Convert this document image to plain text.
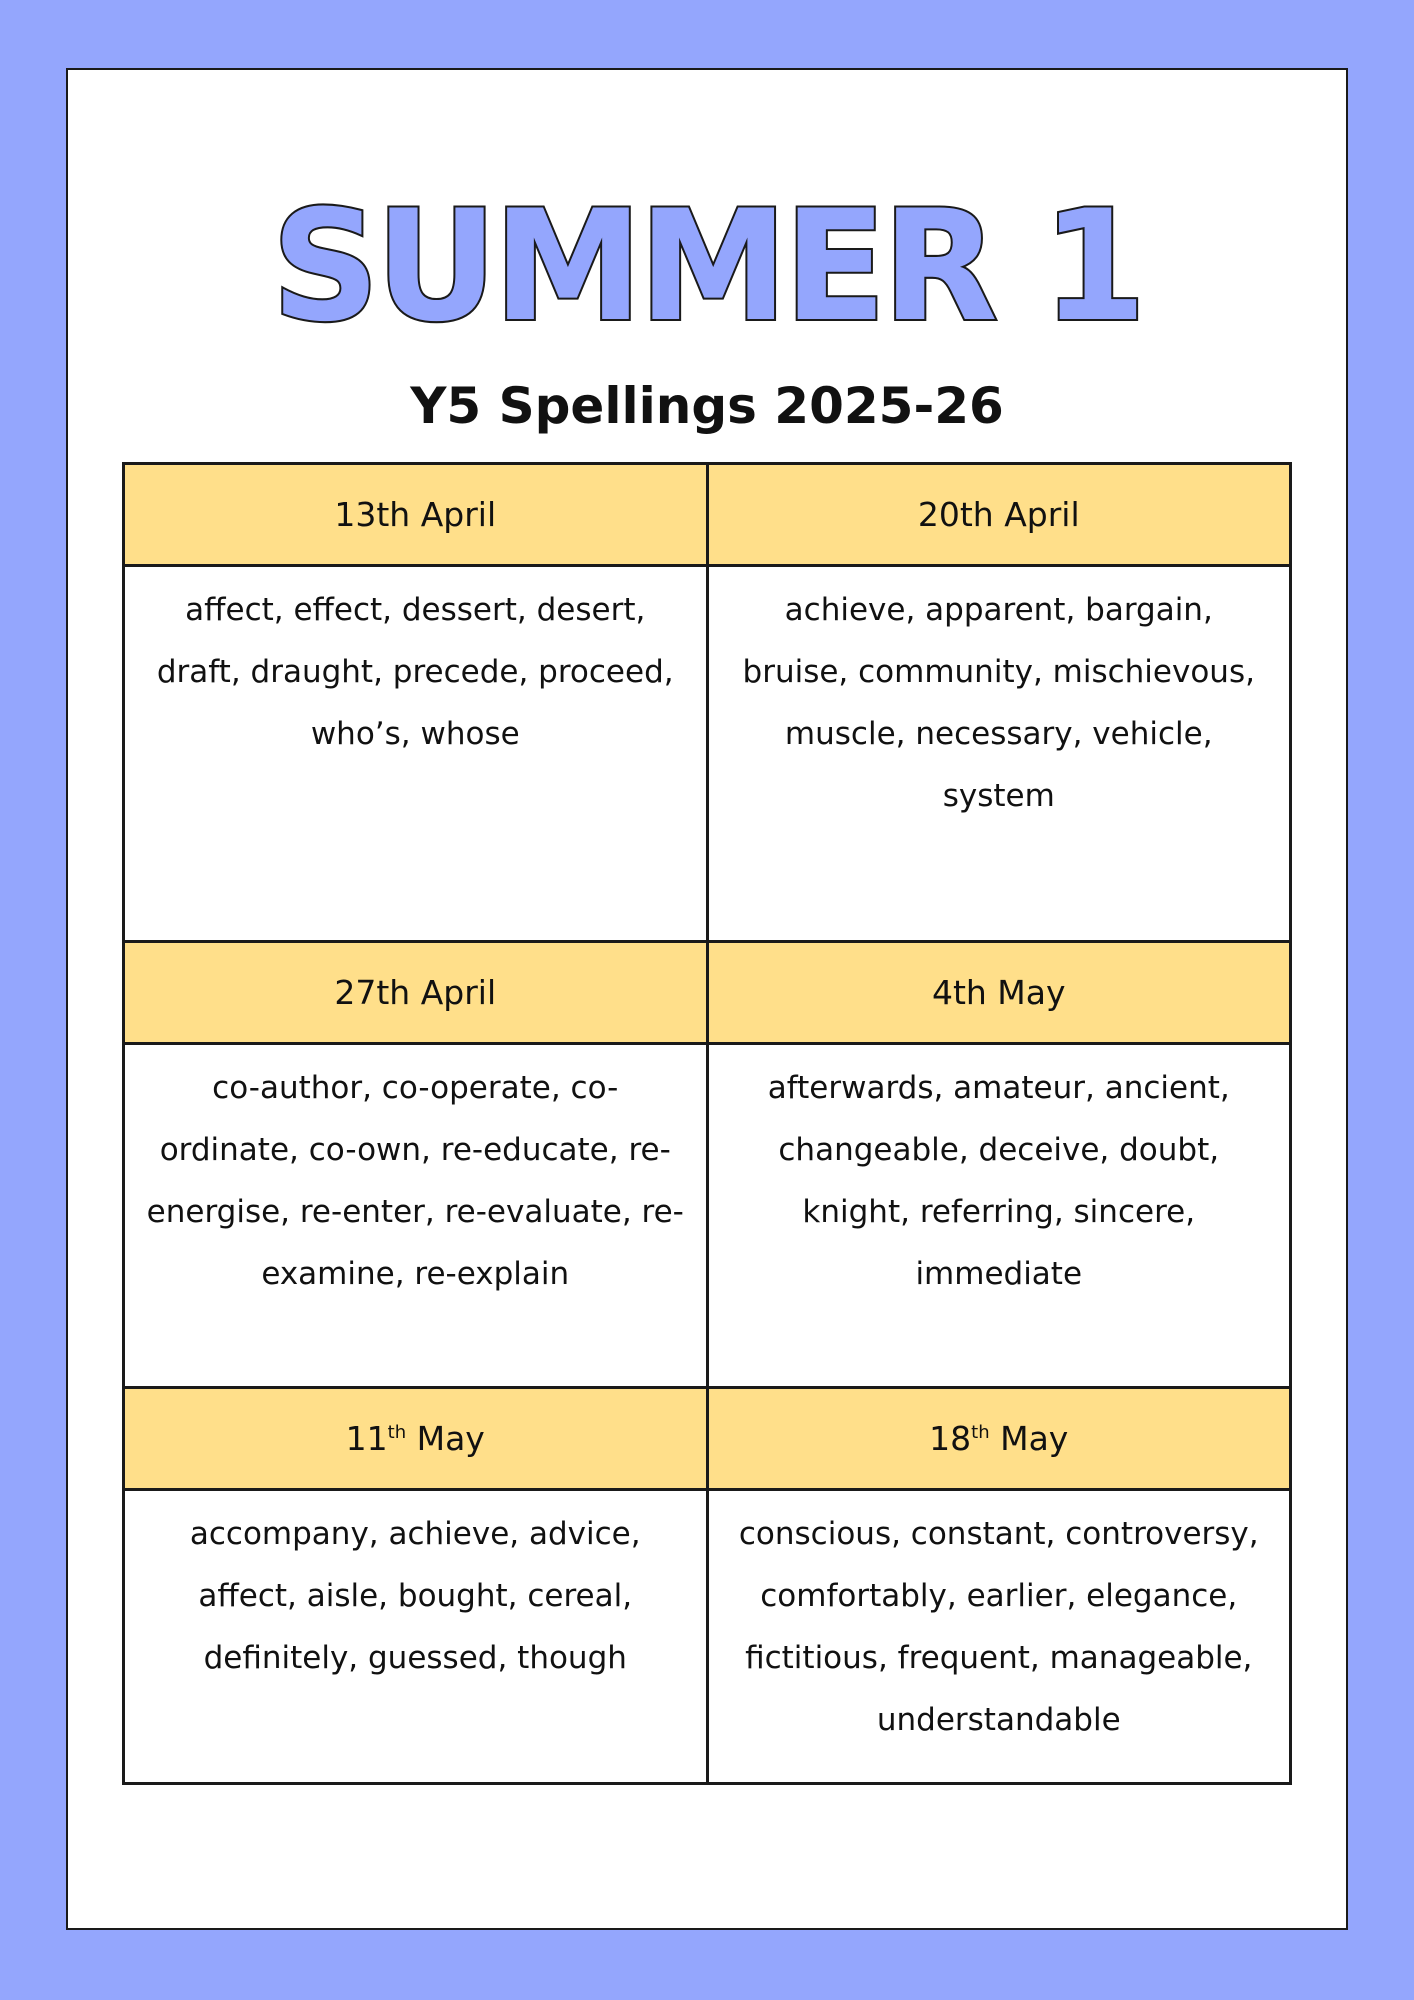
SUMMER 1
Y5 Spellings 2025-26
13th April	20th April
affect, effect, dessert, desert, draft, draught, precede, proceed, who’s, whose	achieve, apparent, bargain, bruise, community, mischievous, muscle, necessary, vehicle, system
27th April	4th May
co-author, co-operate, co-ordinate, co-own, re-educate, re-energise, re-enter, re-evaluate, re-examine, re-explain	afterwards, amateur, ancient, changeable, deceive, doubt, knight, referring, sincere, immediate
11th May	18th May
accompany, achieve, advice, affect, aisle, bought, cereal, definitely, guessed, though	conscious, constant, controversy, comfortably, earlier, elegance, fictitious, frequent, manageable, understandable
